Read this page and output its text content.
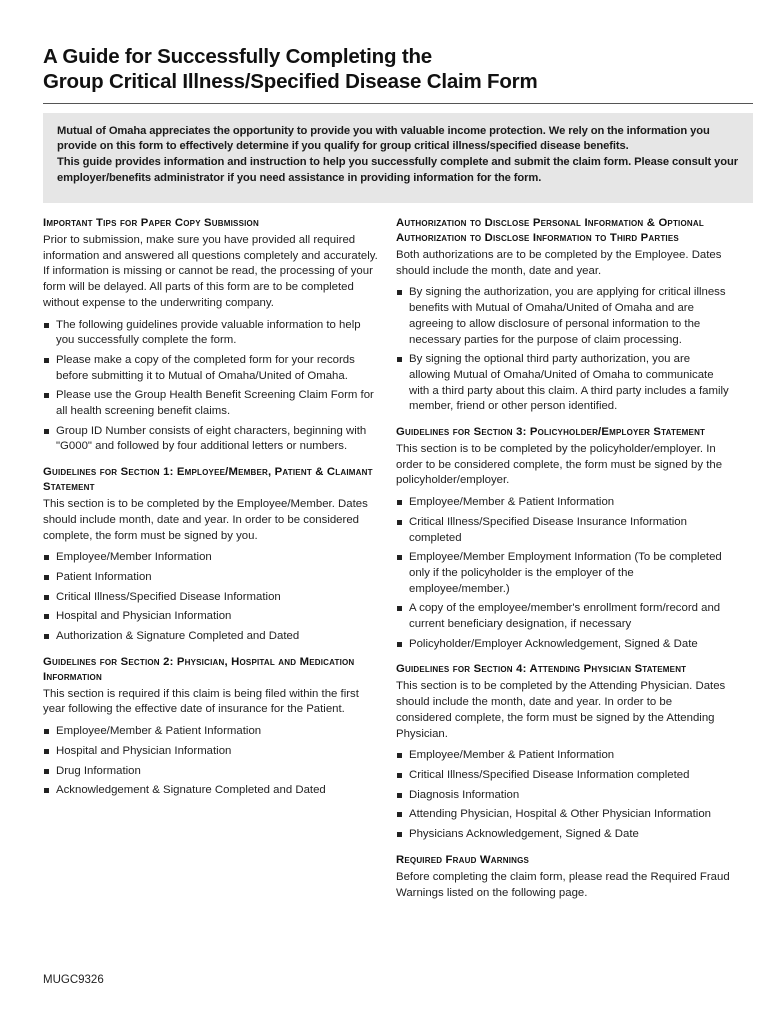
A Guide for Successfully Completing the
Group Critical Illness/Specified Disease Claim Form

Mutual of Omaha appreciates the opportunity to provide you with valuable income protection. We rely on the information you provide on this form to effectively determine if you qualify for group critical illness/specified disease benefits.

This guide provides information and instruction to help you successfully complete and submit the claim form. Please consult your employer/benefits administrator if you need assistance in providing information for the form.

Important Tips for Paper Copy Submission
Prior to submission, make sure you have provided all required information and answered all questions completely and accurately. If information is missing or cannot be read, the processing of your form will be delayed. All parts of this form are to be completed without expense to the underwriting company.
The following guidelines provide valuable information to help you successfully complete the form.
Please make a copy of the completed form for your records before submitting it to Mutual of Omaha/United of Omaha.
Please use the Group Health Benefit Screening Claim Form for all health screening benefit claims.
Group ID Number consists of eight characters, beginning with "G000" and followed by four additional letters or numbers.
Guidelines for Section 1: Employee/Member, Patient & Claimant Statement
This section is to be completed by the Employee/Member. Dates should include month, date and year. In order to be considered complete, the form must be signed by you.
Employee/Member Information
Patient Information
Critical Illness/Specified Disease Information
Hospital and Physician Information
Authorization & Signature Completed and Dated
Guidelines for Section 2: Physician, Hospital and Medication Information
This section is required if this claim is being filed within the first year following the effective date of insurance for the Patient.
Employee/Member & Patient Information
Hospital and Physician Information
Drug Information
Acknowledgement & Signature Completed and Dated
Authorization to Disclose Personal Information & Optional Authorization to Disclose Information to Third Parties
Both authorizations are to be completed by the Employee. Dates should include the month, date and year.
By signing the authorization, you are applying for critical illness benefits with Mutual of Omaha/United of Omaha and are agreeing to allow disclosure of personal information to the necessary parties for the purpose of claim processing.
By signing the optional third party authorization, you are allowing Mutual of Omaha/United of Omaha to communicate with a third party about this claim. A third party includes a family member, friend or other person identified.
Guidelines for Section 3: Policyholder/Employer Statement
This section is to be completed by the policyholder/employer. In order to be considered complete, the form must be signed by the policyholder/employer.
Employee/Member & Patient Information
Critical Illness/Specified Disease Insurance Information completed
Employee/Member Employment Information (To be completed only if the policyholder is the employer of the employee/member.)
A copy of the employee/member's enrollment form/record and current beneficiary designation, if necessary
Policyholder/Employer Acknowledgement, Signed & Date
Guidelines for Section 4: Attending Physician Statement
This section is to be completed by the Attending Physician. Dates should include the month, date and year. In order to be considered complete, the form must be signed by the Attending Physician.
Employee/Member & Patient Information
Critical Illness/Specified Disease Information completed
Diagnosis Information
Attending Physician, Hospital & Other Physician Information
Physicians Acknowledgement, Signed & Date
Required Fraud Warnings
Before completing the claim form, please read the Required Fraud Warnings listed on the following page.
MUGC9326
